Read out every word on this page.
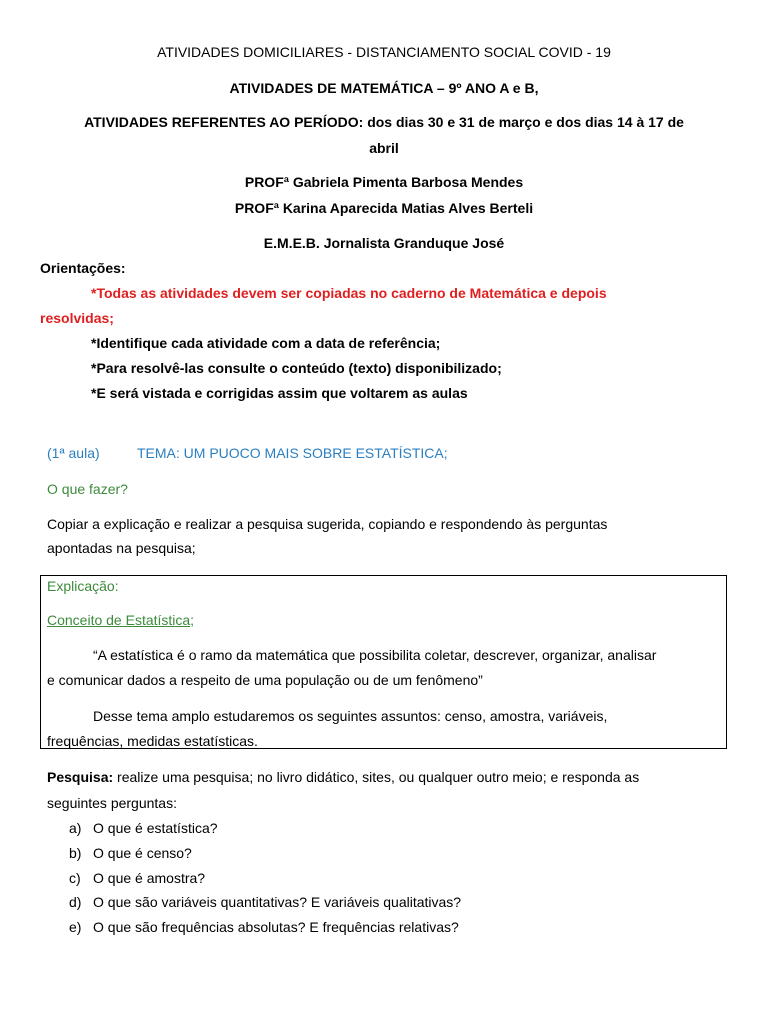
ATIVIDADES DOMICILIARES - DISTANCIAMENTO SOCIAL COVID - 19
ATIVIDADES DE MATEMÁTICA – 9º ANO A e B,
ATIVIDADES REFERENTES AO PERÍODO: dos dias 30 e 31 de março e dos dias 14 à 17 de
abril
PROFª Gabriela Pimenta Barbosa Mendes
PROFª Karina Aparecida Matias Alves Berteli
E.M.E.B. Jornalista Granduque José
Orientações:
*Todas as atividades devem ser copiadas no caderno de Matemática e depois
resolvidas;
*Identifique cada atividade com a data de referência;
*Para resolvê-las consulte o conteúdo (texto) disponibilizado;
*E será vistada e corrigidas assim que voltarem as aulas
(1ª aula)	TEMA: UM PUOCO MAIS SOBRE ESTATÍSTICA;
O que fazer?
Copiar a explicação e realizar a pesquisa sugerida, copiando e respondendo às perguntas
apontadas na pesquisa;
Explicação:
Conceito de Estatística;
“A estatística é o ramo da matemática que possibilita coletar, descrever, organizar, analisar
e comunicar dados a respeito de uma população ou de um fenômeno”
Desse tema amplo estudaremos os seguintes assuntos: censo, amostra, variáveis,
frequências, medidas estatísticas.
Pesquisa: realize uma pesquisa; no livro didático, sites, ou qualquer outro meio; e responda as
seguintes perguntas:
a) O que é estatística?
b) O que é censo?
c) O que é amostra?
d) O que são variáveis quantitativas? E variáveis qualitativas?
e) O que são frequências absolutas? E frequências relativas?
